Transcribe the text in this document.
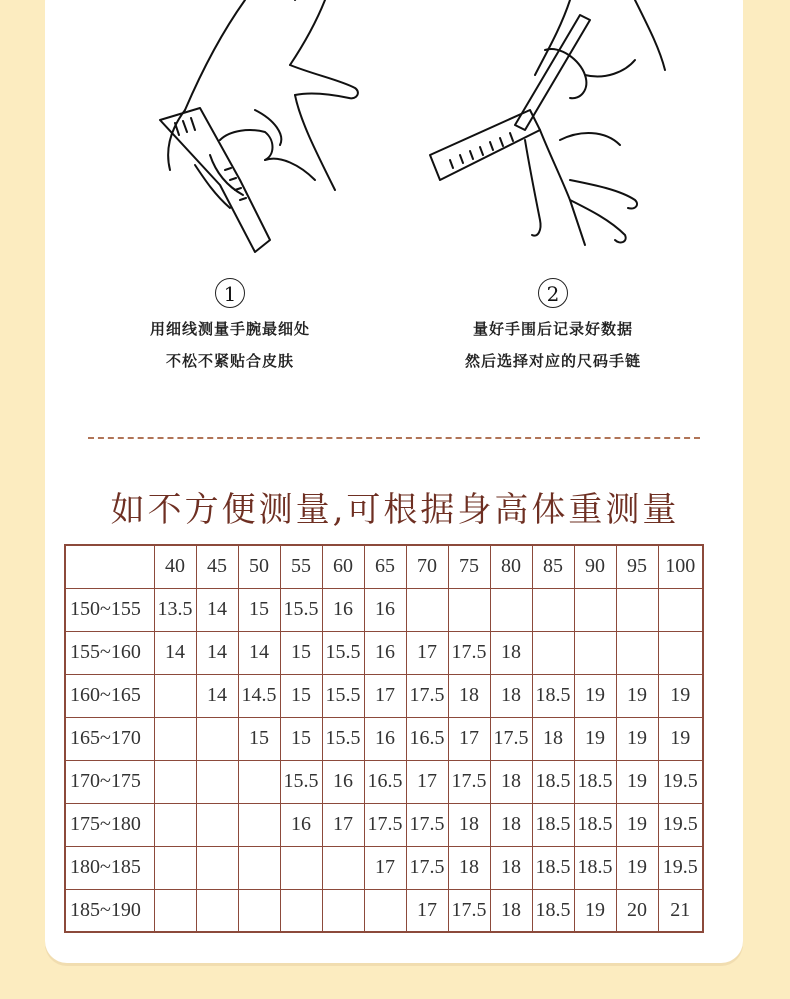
1
用细线测量手腕最细处
不松不紧贴合皮肤
2
量好手围后记录好数据
然后选择对应的尺码手链
如不方便测量,可根据身高体重测量
	40	45	50	55	60	65	70	75	80	85	90	95	100
150~155	13.5	14	15	15.5	16	16							
155~160	14	14	14	15	15.5	16	17	17.5	18				
160~165		14	14.5	15	15.5	17	17.5	18	18	18.5	19	19	19
165~170			15	15	15.5	16	16.5	17	17.5	18	19	19	19
170~175				15.5	16	16.5	17	17.5	18	18.5	18.5	19	19.5
175~180				16	17	17.5	17.5	18	18	18.5	18.5	19	19.5
180~185						17	17.5	18	18	18.5	18.5	19	19.5
185~190							17	17.5	18	18.5	19	20	21
